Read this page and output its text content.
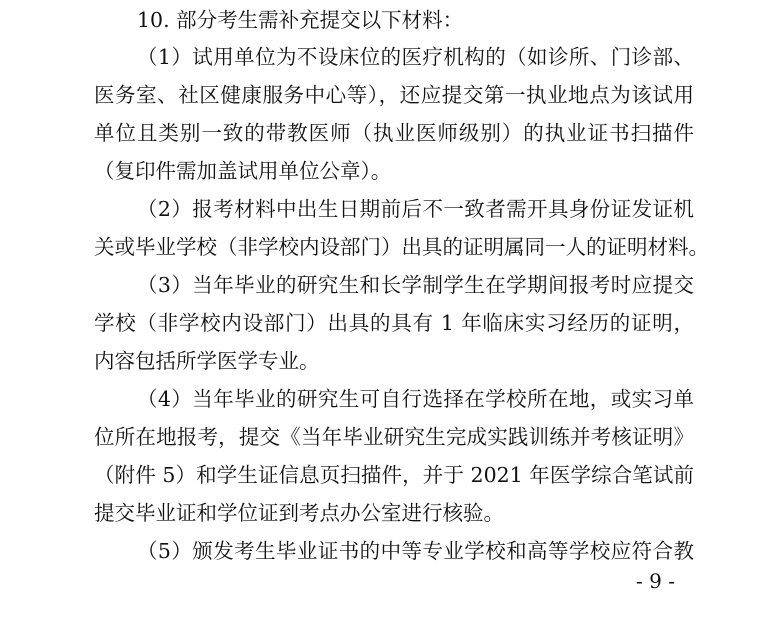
10. 部分考生需补充提交以下材料：
（1）试用单位为不设床位的医疗机构的（如诊所、门诊部、
医务室、社区健康服务中心等），还应提交第一执业地点为该试用
单位且类别一致的带教医师（执业医师级别）的执业证书扫描件
（复印件需加盖试用单位公章）。
（2）报考材料中出生日期前后不一致者需开具身份证发证机
关或毕业学校（非学校内设部门）出具的证明属同一人的证明材料。
（3）当年毕业的研究生和长学制学生在学期间报考时应提交
学校（非学校内设部门）出具的具有 1 年临床实习经历的证明，
内容包括所学医学专业。
（4）当年毕业的研究生可自行选择在学校所在地，或实习单
位所在地报考，提交《当年毕业研究生完成实践训练并考核证明》
（附件 5）和学生证信息页扫描件，并于 2021 年医学综合笔试前
提交毕业证和学位证到考点办公室进行核验。
（5）颁发考生毕业证书的中等专业学校和高等学校应符合教
- 9 -
